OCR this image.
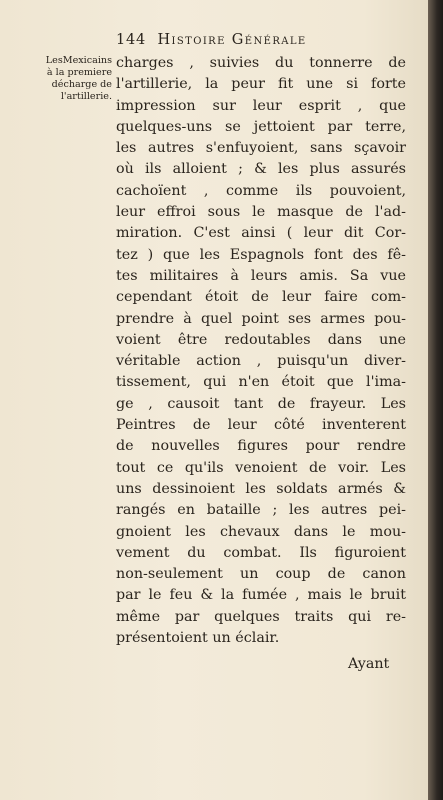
144 Histoire Générale
LesMexicains
à la premiere
décharge de
l'artillerie.
charges , suivies du tonnerre de
l'artillerie, la peur fit une si forte
impression sur leur esprit , que
quelques-uns se jettoient par terre,
les autres s'enfuyoient, sans sçavoir
où ils alloient ; & les plus assurés
cachoïent , comme ils pouvoient,
leur effroi sous le masque de l'ad-
miration. C'est ainsi ( leur dit Cor-
tez ) que les Espagnols font des fê-
tes militaires à leurs amis. Sa vue
cependant étoit de leur faire com-
prendre à quel point ses armes pou-
voient être redoutables dans une
véritable action , puisqu'un diver-
tissement, qui n'en étoit que l'ima-
ge , causoit tant de frayeur. Les
Peintres de leur côté inventerent
de nouvelles figures pour rendre
tout ce qu'ils venoient de voir. Les
uns dessinoient les soldats armés &
rangés en bataille ; les autres pei-
gnoient les chevaux dans le mou-
vement du combat. Ils figuroient
non-seulement un coup de canon
par le feu & la fumée , mais le bruit
même par quelques traits qui re-
présentoient un éclair.
Ayant
